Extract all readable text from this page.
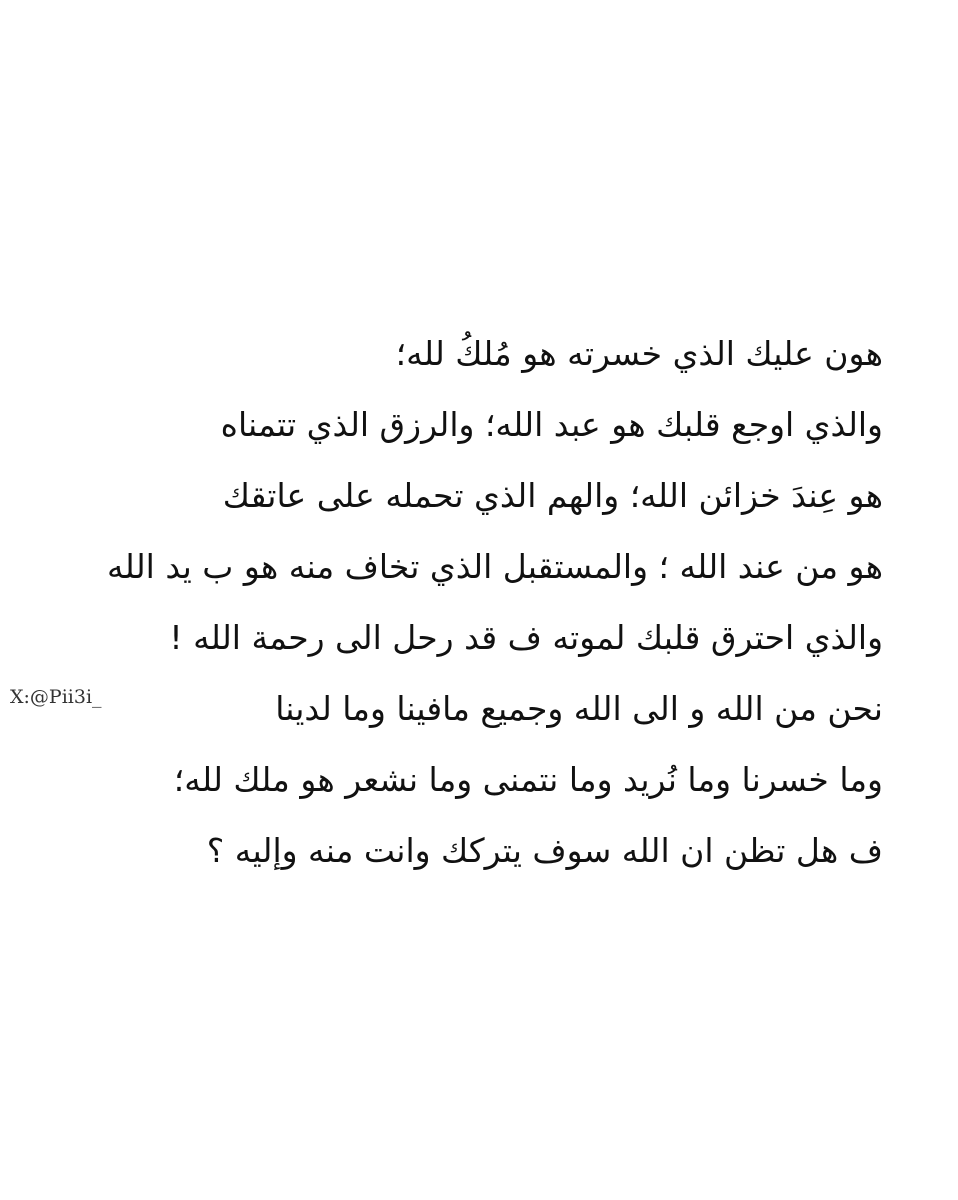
هون عليك الذي خسرته هو مُلكُ لله؛
والذي اوجع قلبك هو عبد الله؛ والرزق الذي تتمناه
هو عِندَ خزائن الله؛ والهم الذي تحمله على عاتقك
هو من عند الله ؛ والمستقبل الذي تخاف منه هو ب يد الله
والذي احترق قلبك لموته ف قد رحل الى رحمة الله !
نحن من الله و الى الله وجميع مافينا وما لدينا
وما خسرنا وما نُريد وما نتمنى وما نشعر هو ملك لله؛
ف هل تظن ان الله سوف يتركك وانت منه وإليه ؟
X:@Pii3i_
